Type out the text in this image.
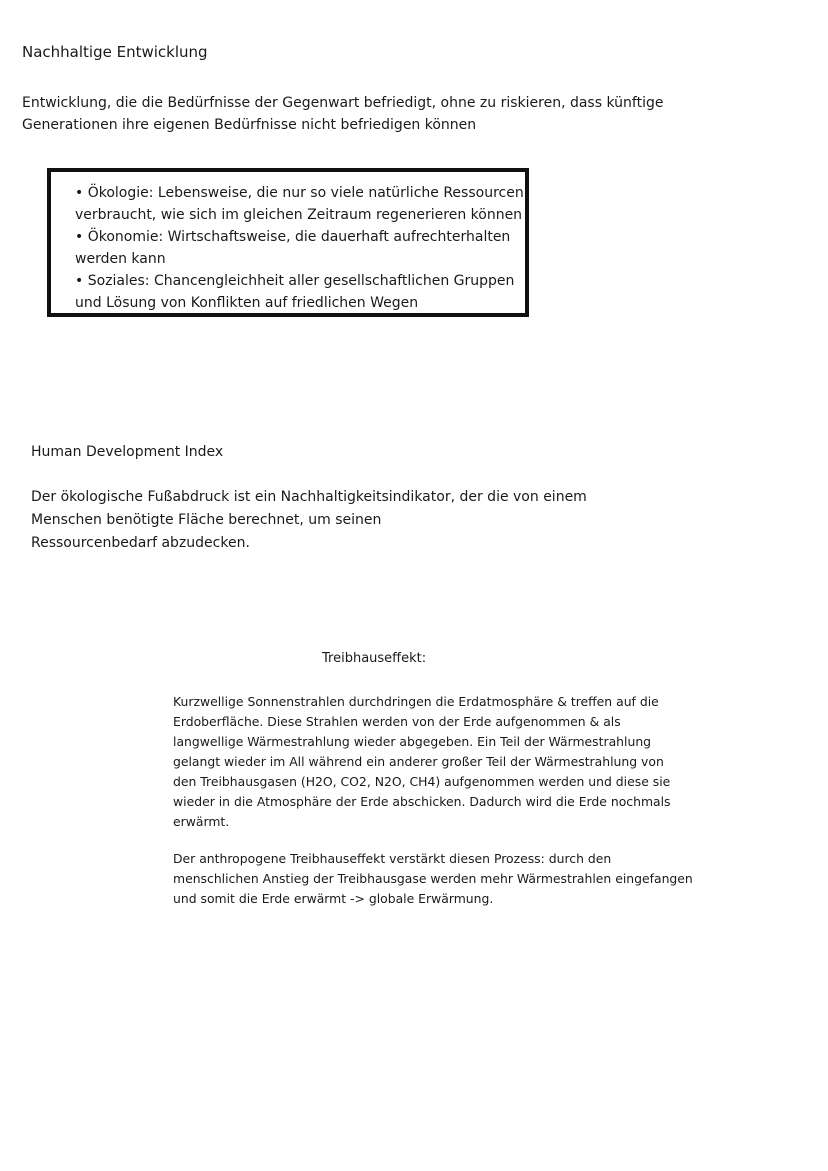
Nachhaltige Entwicklung
Entwicklung, die die Bedürfnisse der Gegenwart befriedigt, ohne zu riskieren, dass künftige
Generationen ihre eigenen Bedürfnisse nicht befriedigen können
• Ökologie: Lebensweise, die nur so viele natürliche Ressourcen
verbraucht, wie sich im gleichen Zeitraum regenerieren können
• Ökonomie: Wirtschaftsweise, die dauerhaft aufrechterhalten
werden kann
• Soziales: Chancengleichheit aller gesellschaftlichen Gruppen
und Lösung von Konflikten auf friedlichen Wegen
Human Development Index
Der ökologische Fußabdruck ist ein Nachhaltigkeitsindikator, der die von einem
Menschen benötigte Fläche berechnet, um seinen
Ressourcenbedarf abzudecken.
Treibhauseffekt:
Kurzwellige Sonnenstrahlen durchdringen die Erdatmosphäre & treffen auf die
Erdoberfläche. Diese Strahlen werden von der Erde aufgenommen & als
langwellige Wärmestrahlung wieder abgegeben. Ein Teil der Wärmestrahlung
gelangt wieder im All während ein anderer großer Teil der Wärmestrahlung von
den Treibhausgasen (H2O, CO2, N2O, CH4) aufgenommen werden und diese sie
wieder in die Atmosphäre der Erde abschicken. Dadurch wird die Erde nochmals
erwärmt.
Der anthropogene Treibhauseffekt verstärkt diesen Prozess: durch den
menschlichen Anstieg der Treibhausgase werden mehr Wärmestrahlen eingefangen
und somit die Erde erwärmt -> globale Erwärmung.
